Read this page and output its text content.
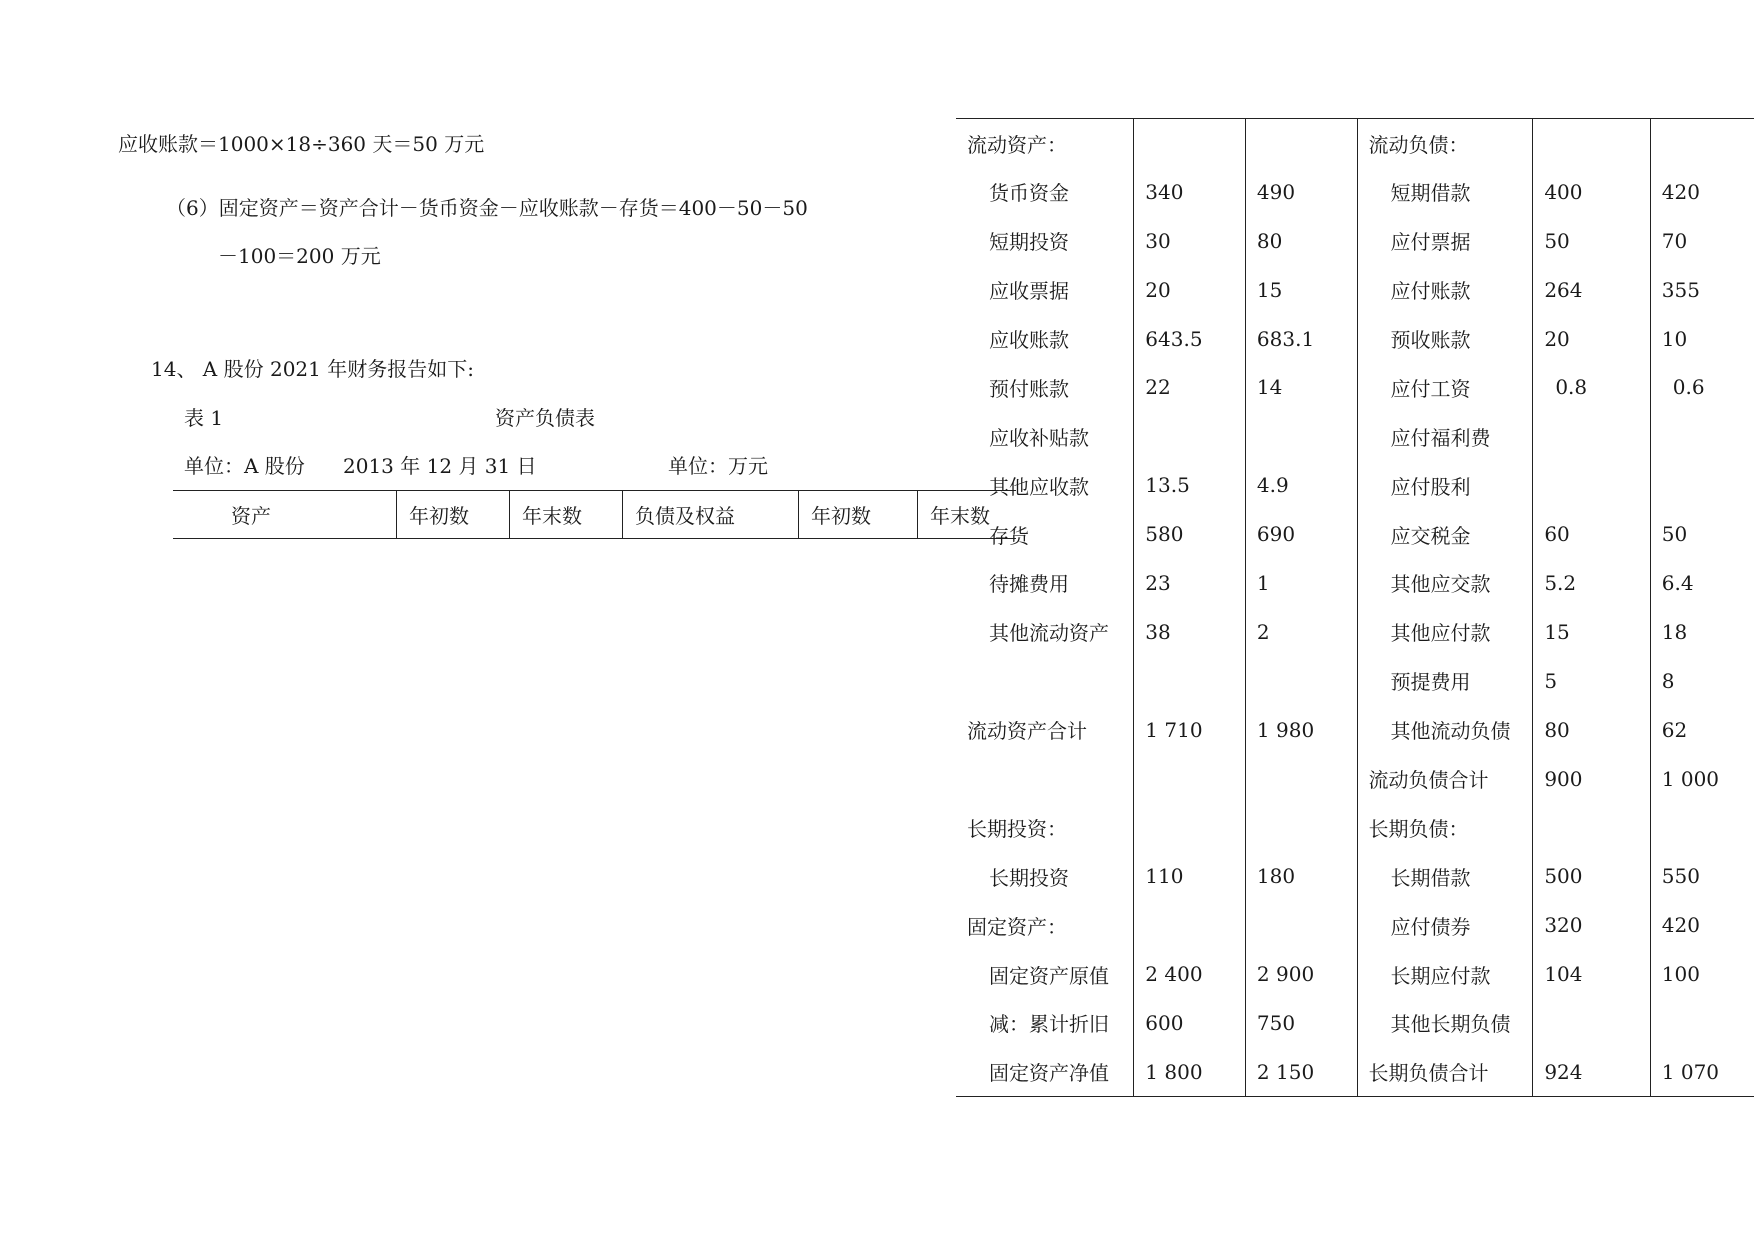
应收账款＝1000×18÷360 天＝50 万元
（6）固定资产＝资产合计－货币资金－应收账款－存货＝400－50－50
－100＝200 万元
14、 A 股份 2021 年财务报告如下:
表 1	资产负债表
单位：A 股份 2013 年 12 月 31 日	单位：万元
资产	年初数	年末数	负债及权益	年初数	年末数
流动资产：			流动负债：		
货币资金	340	490	短期借款	400	420
短期投资	30	80	应付票据	50	70
应收票据	20	15	应付账款	264	355
应收账款	643.5	683.1	预收账款	20	10
预付账款	22	14	应付工资	0.8	0.6
应收补贴款			应付福利费		
其他应收款	13.5	4.9	应付股利		
存货	580	690	应交税金	60	50
待摊费用	23	1	其他应交款	5.2	6.4
其他流动资产	38	2	其他应付款	15	18
			预提费用	5	8
流动资产合计	1 710	1 980	其他流动负债	80	62
			流动负债合计	900	1 000
长期投资：			长期负债：		
长期投资	110	180	长期借款	500	550
固定资产：			应付债券	320	420
固定资产原值	2 400	2 900	长期应付款	104	100
减：累计折旧	600	750	其他长期负债		
固定资产净值	1 800	2 150	长期负债合计	924	1 070
